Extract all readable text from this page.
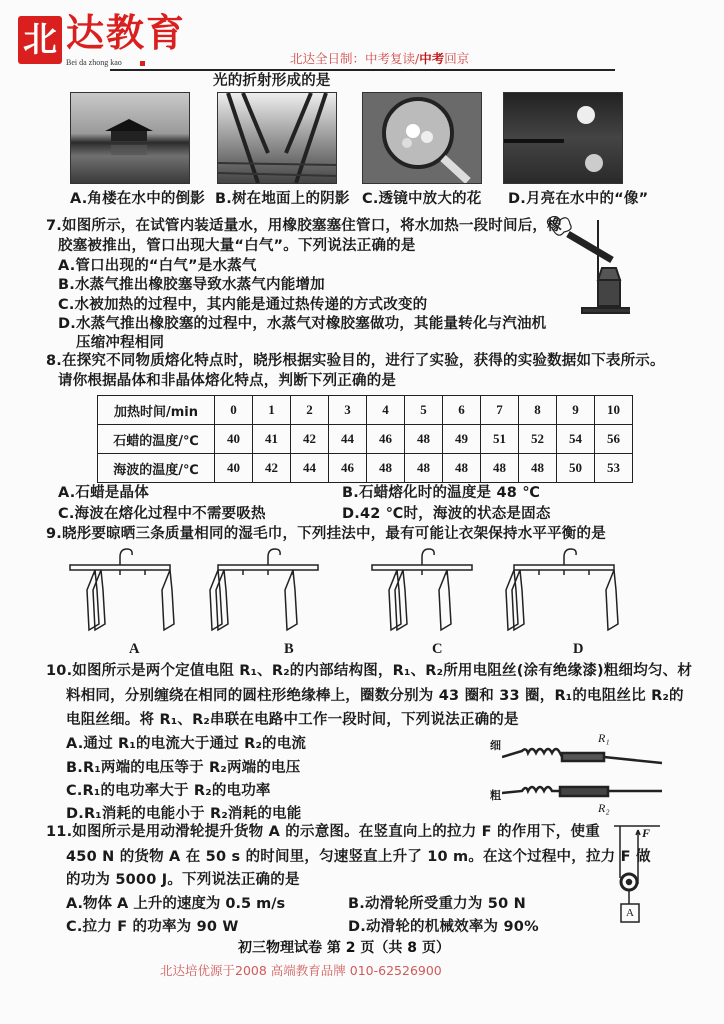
北 达教育
Bei da zhong kao	北达全日制：中考复读/中考回京
光的折射形成的是
A.角楼在水中的倒影 B.树在地面上的阴影 C.透镜中放大的花 D.月亮在水中的“像”
7.如图所示，在试管内装适量水，用橡胶塞塞住管口，将水加热一段时间后，橡
胶塞被推出，管口出现大量“白气”。下列说法正确的是
A.管口出现的“白气”是水蒸气
B.水蒸气推出橡胶塞导致水蒸气内能增加
C.水被加热的过程中，其内能是通过热传递的方式改变的
D.水蒸气推出橡胶塞的过程中，水蒸气对橡胶塞做功，其能量转化与汽油机
压缩冲程相同
8.在探究不同物质熔化特点时，晓彤根据实验目的，进行了实验，获得的实验数据如下表所示。
请你根据晶体和非晶体熔化特点，判断下列正确的是
加热时间/min	0	1	2	3	4	5	6	7	8	9	10
石蜡的温度/℃	40	41	42	44	46	48	49	51	52	54	56
海波的温度/℃	40	42	44	46	48	48	48	48	48	50	53
A.石蜡是晶体	B.石蜡熔化时的温度是 48 ℃
C.海波在熔化过程中不需要吸热	D.42 ℃时，海波的状态是固态
9.晓彤要晾晒三条质量相同的湿毛巾，下列挂法中，最有可能让衣架保持水平平衡的是
A	B	C	D
10.如图所示是两个定值电阻 R₁、R₂的内部结构图，R₁、R₂所用电阻丝(涂有绝缘漆)粗细均匀、材
料相同，分别缠绕在相同的圆柱形绝缘棒上，圈数分别为 43 圈和 33 圈，R₁的电阻丝比 R₂的
电阻丝细。将 R₁、R₂串联在电路中工作一段时间，下列说法正确的是
A.通过 R₁的电流大于通过 R₂的电流
B.R₁两端的电压等于 R₂两端的电压
C.R₁的电功率大于 R₂的电功率
D.R₁消耗的电能小于 R₂消耗的电能
细
R₁
粗
R₂
11.如图所示是用动滑轮提升货物 A 的示意图。在竖直向上的拉力 F 的作用下，使重
450 N 的货物 A 在 50 s 的时间里，匀速竖直上升了 10 m。在这个过程中，拉力 F 做
的功为 5000 J。下列说法正确的是
A.物体 A 上升的速度为 0.5 m/s	B.动滑轮所受重力为 50 N
C.拉力 F 的功率为 90 W	D.动滑轮的机械效率为 90%
F
A
初三物理试卷 第 2 页（共 8 页）
北达培优源于2008 高端教育品牌 010-62526900
